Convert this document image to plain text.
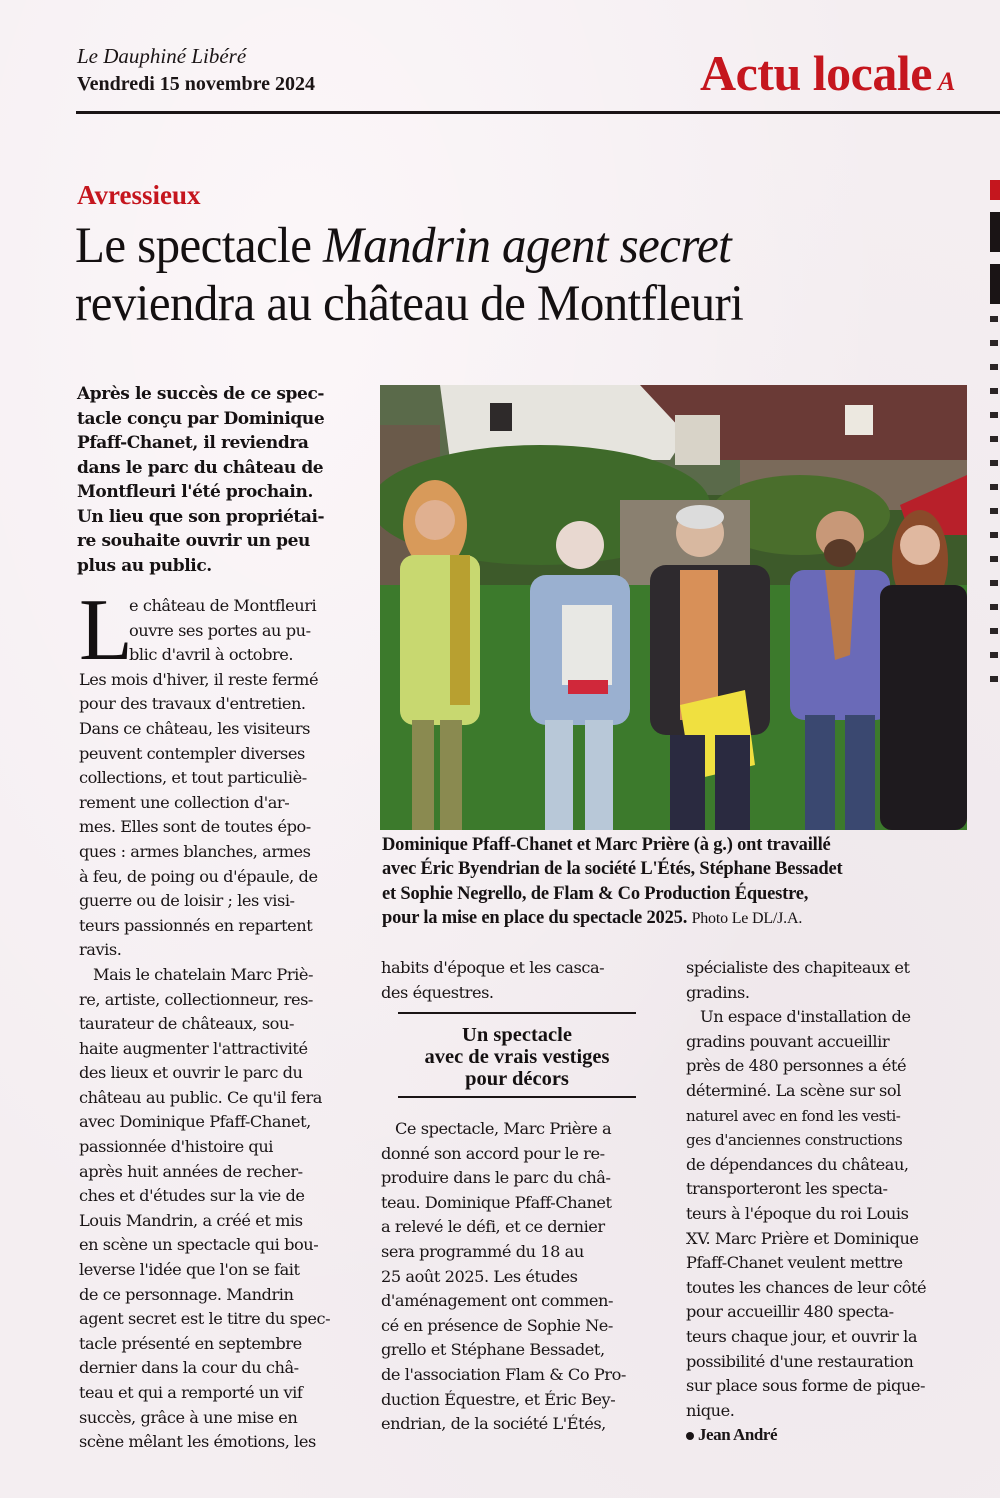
Le Dauphiné Libéré
Vendredi 15 novembre 2024	Actu locale A
Avressieux
Le spectacle Mandrin agent secret
reviendra au château de Montfleuri
Après le succès de ce spec-
tacle conçu par Dominique
Pfaff-Chanet, il reviendra
dans le parc du château de
Montfleuri l'été prochain.
Un lieu que son propriétai-
re souhaite ouvrir un peu
plus au public.
L
e château de Montfleuri
ouvre ses portes au pu-
blic d'avril à octobre.
Les mois d'hiver, il reste fermé
pour des travaux d'entretien.
Dans ce château, les visiteurs
peuvent contempler diverses
collections, et tout particuliè-
rement une collection d'ar-
mes. Elles sont de toutes épo-
ques : armes blanches, armes
à feu, de poing ou d'épaule, de
guerre ou de loisir ; les visi-
teurs passionnés en repartent
ravis.
Mais le chatelain Marc Priè-
re, artiste, collectionneur, res-
taurateur de châteaux, sou-
haite augmenter l'attractivité
des lieux et ouvrir le parc du
château au public. Ce qu'il fera
avec Dominique Pfaff-Chanet,
passionnée d'histoire qui
après huit années de recher-
ches et d'études sur la vie de
Louis Mandrin, a créé et mis
en scène un spectacle qui bou-
leverse l'idée que l'on se fait
de ce personnage. Mandrin
agent secret est le titre du spec-
tacle présenté en septembre
dernier dans la cour du châ-
teau et qui a remporté un vif
succès, grâce à une mise en
scène mêlant les émotions, les
Dominique Pfaff-Chanet et Marc Prière (à g.) ont travaillé
avec Éric Byendrian de la société L'Étés, Stéphane Bessadet
et Sophie Negrello, de Flam & Co Production Équestre,
pour la mise en place du spectacle 2025. Photo Le DL/J.A.
habits d'époque et les casca-
des équestres.
Un spectacle
avec de vrais vestiges
pour décors
Ce spectacle, Marc Prière a
donné son accord pour le re-
produire dans le parc du châ-
teau. Dominique Pfaff-Chanet
a relevé le défi, et ce dernier
sera programmé du 18 au
25 août 2025. Les études
d'aménagement ont commen-
cé en présence de Sophie Ne-
grello et Stéphane Bessadet,
de l'association Flam & Co Pro-
duction Équestre, et Éric Bey-
endrian, de la société L'Étés,
spécialiste des chapiteaux et
gradins.
Un espace d'installation de
gradins pouvant accueillir
près de 480 personnes a été
déterminé. La scène sur sol
naturel avec en fond les vesti-
ges d'anciennes constructions
de dépendances du château,
transporteront les specta-
teurs à l'époque du roi Louis
XV. Marc Prière et Dominique
Pfaff-Chanet veulent mettre
toutes les chances de leur côté
pour accueillir 480 specta-
teurs chaque jour, et ouvrir la
possibilité d'une restauration
sur place sous forme de pique-
nique.
Jean André
